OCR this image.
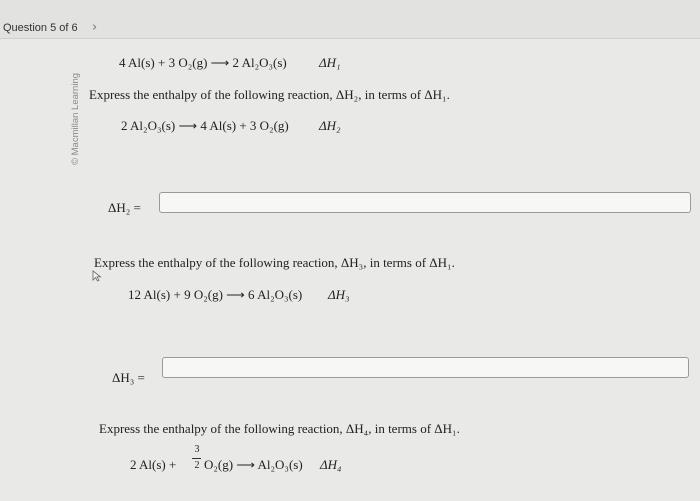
Question 5 of 6 ›
© Macmillan Learning
4 Al(s) + 3 O₂(g) ⟶ 2 Al₂O₃(s) ΔH₁
Express the enthalpy of the following reaction, ΔH₂, in terms of ΔH₁.
2 Al₂O₃(s) ⟶ 4 Al(s) + 3 O₂(g) ΔH₂
ΔH₂ =
Express the enthalpy of the following reaction, ΔH₃, in terms of ΔH₁.
12 Al(s) + 9 O₂(g) ⟶ 6 Al₂O₃(s) ΔH₃
ΔH₃ =
Express the enthalpy of the following reaction, ΔH₄, in terms of ΔH₁.
2 Al(s) +
3
2 O₂(g) ⟶ Al₂O₃(s) ΔH₄
